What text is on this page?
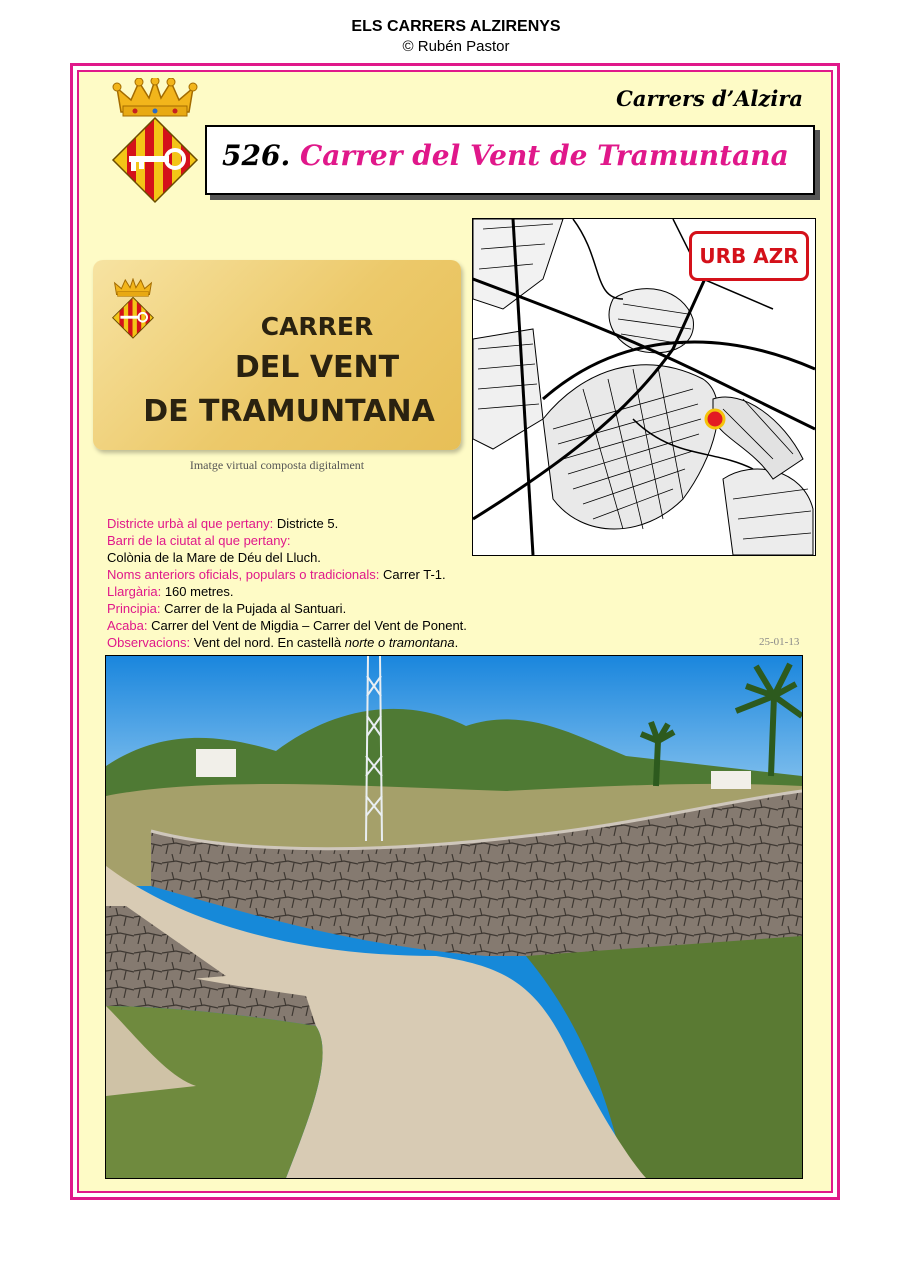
ELS CARRERS ALZIRENYS
© Rubén Pastor
Carrers d’Alzira
526. Carrer del Vent de Tramuntana
CARRER
DEL VENT
DE TRAMUNTANA
Imatge virtual composta digitalment
URB AZR
Districte urbà al que pertany: Districte 5.
Barri de la ciutat al que pertany:
Colònia de la Mare de Déu del Lluch.
Noms anteriors oficials, populars o tradicionals: Carrer T-1.
Llargària: 160 metres.
Principia: Carrer de la Pujada al Santuari.
Acaba: Carrer del Vent de Migdia – Carrer del Vent de Ponent.
Observacions: Vent del nord. En castellà norte o tramontana.	25-01-13
